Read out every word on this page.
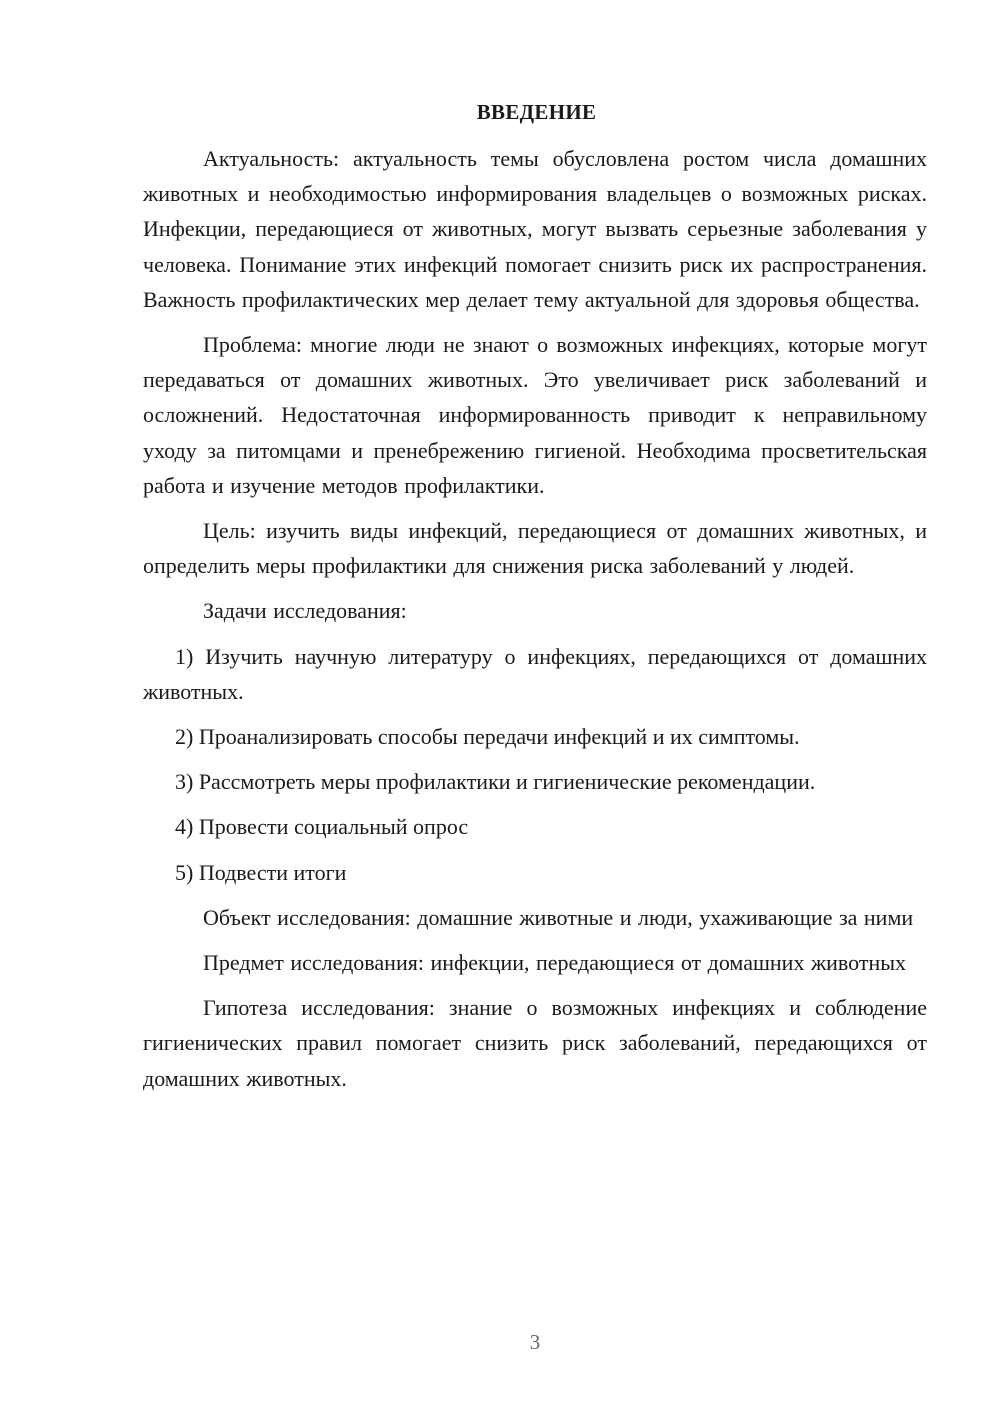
ВВЕДЕНИЕ

Актуальность: актуальность темы обусловлена ростом числа домашних животных и необходимостью информирования владельцев о возможных рисках. Инфекции, передающиеся от животных, могут вызвать серьезные заболевания у человека. Понимание этих инфекций помогает снизить риск их распространения. Важность профилактических мер делает тему актуальной для здоровья общества.

Проблема: многие люди не знают о возможных инфекциях, которые могут передаваться от домашних животных. Это увеличивает риск заболеваний и осложнений. Недостаточная информированность приводит к неправильному уходу за питомцами и пренебрежению гигиеной. Необходима просветительская работа и изучение методов профилактики.

Цель: изучить виды инфекций, передающиеся от домашних животных, и определить меры профилактики для снижения риска заболеваний у людей.

Задачи исследования:

1) Изучить научную литературу о инфекциях, передающихся от домашних животных.

2) Проанализировать способы передачи инфекций и их симптомы.

3) Рассмотреть меры профилактики и гигиенические рекомендации.

4) Провести социальный опрос

5) Подвести итоги

Объект исследования: домашние животные и люди, ухаживающие за ними

Предмет исследования: инфекции, передающиеся от домашних животных

Гипотеза исследования: знание о возможных инфекциях и соблюдение гигиенических правил помогает снизить риск заболеваний, передающихся от домашних животных.

3
